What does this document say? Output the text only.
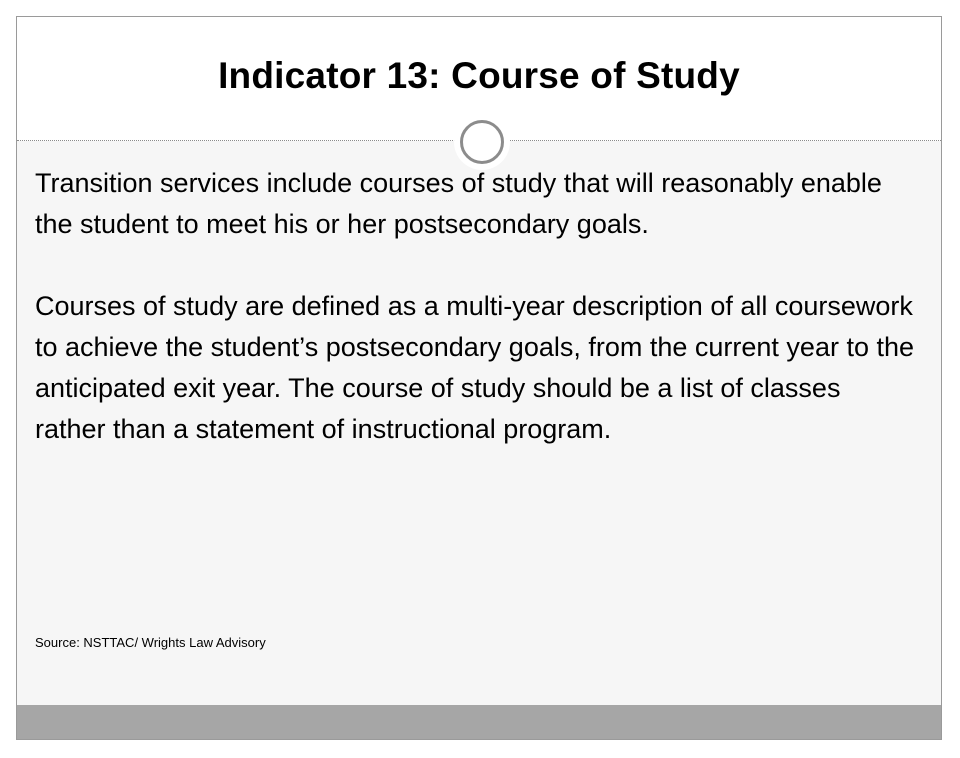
Indicator 13: Course of Study

Transition services include courses of study that will reasonably enable the student to meet his or her postsecondary goals.

Courses of study are defined as a multi-year description of all coursework to achieve the student’s postsecondary goals, from the current year to the anticipated exit year. The course of study should be a list of classes rather than a statement of instructional program.

Source: NSTTAC/ Wrights Law Advisory
